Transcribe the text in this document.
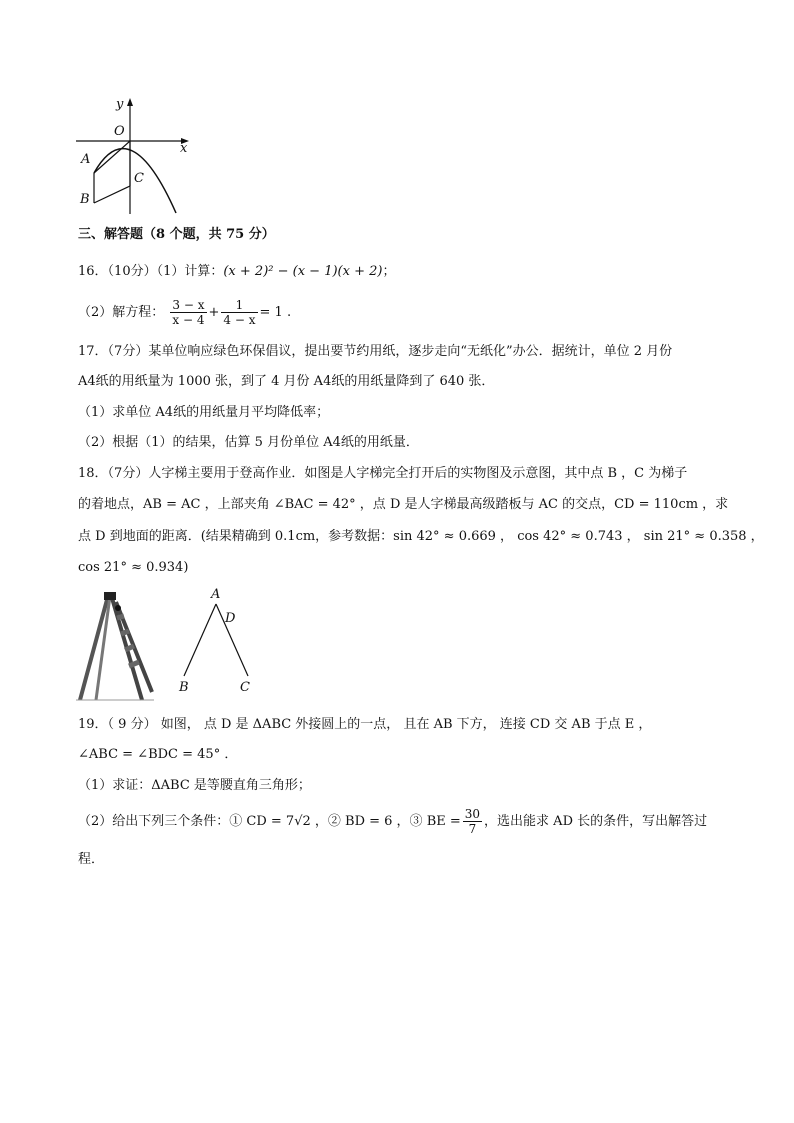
y
x
O
A
B
C
三、解答题（8 个题，共 75 分）
16．（10分）（1）计算：(x + 2)² − (x − 1)(x + 2)；
（2）解方程： $\frac{3 - x}{x - 4} + \frac{1}{4 - x} = 1$ .
17．（7分）某单位响应绿色环保倡议，提出要节约用纸，逐步走向“无纸化”办公．据统计，单位 2 月份
A4纸的用纸量为 1000 张，到了 4 月份 A4纸的用纸量降到了 640 张．
（1）求单位 A4纸的用纸量月平均降低率；
（2）根据（1）的结果，估算 5 月份单位 A4纸的用纸量．
18．（7分）人字梯主要用于登高作业．如图是人字梯完全打开后的实物图及示意图，其中点 B ，C 为梯子
的着地点，AB = AC ，上部夹角 ∠BAC = 42° ，点 D 是人字梯最高级踏板与 AC 的交点，CD = 110cm ，求
点 D 到地面的距离．(结果精确到 0.1cm，参考数据：sin 42° ≈ 0.669 ， cos 42° ≈ 0.743 ， sin 21° ≈ 0.358 ，
cos 21° ≈ 0.934)
A
D
B	C
19．（ 9 分） 如图， 点 D 是 ΔABC 外接圆上的一点， 且在 AB 下方， 连接 CD 交 AB 于点 E ，
∠ABC = ∠BDC = 45° ．
（1）求证：ΔABC 是等腰直角三角形；
（2）给出下列三个条件：① CD = 7√2 ，② BD = 6 ，③ BE = $\frac{30}{7}$ ，选出能求 AD 长的条件，写出解答过
程．
